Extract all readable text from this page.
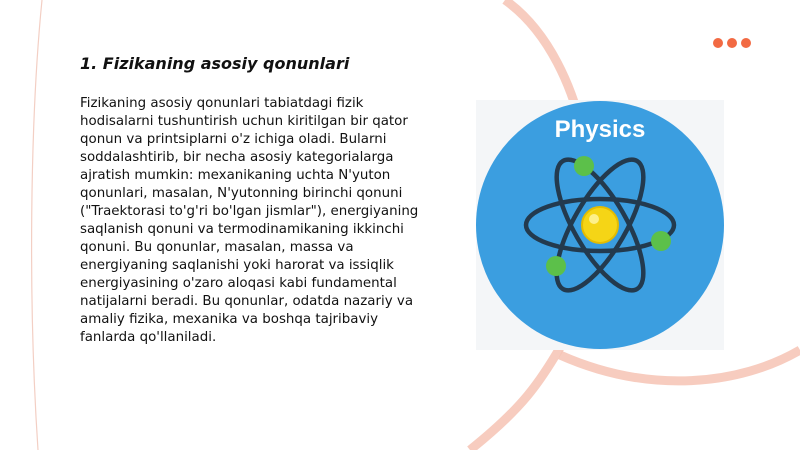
1. Fizikaning asosiy qonunlari

Fizikaning asosiy qonunlari tabiatdagi fizik hodisalarni tushuntirish uchun kiritilgan bir qator qonun va printsiplarni o'z ichiga oladi. Bularni soddalashtirib, bir necha asosiy kategorialarga ajratish mumkin: mexanikaning uchta N'yuton qonunlari, masalan, N'yutonning birinchi qonuni ("Traektorasi to'g'ri bo'lgan jismlar"), energiyaning saqlanish qonuni va termodinamikaning ikkinchi qonuni. Bu qonunlar, masalan, massa va energiyaning saqlanishi yoki harorat va issiqlik energiyasining o'zaro aloqasi kabi fundamental natijalarni beradi. Bu qonunlar, odatda nazariy va amaliy fizika, mexanika va boshqa tajribaviy fanlarda qo'llaniladi.

Physics
